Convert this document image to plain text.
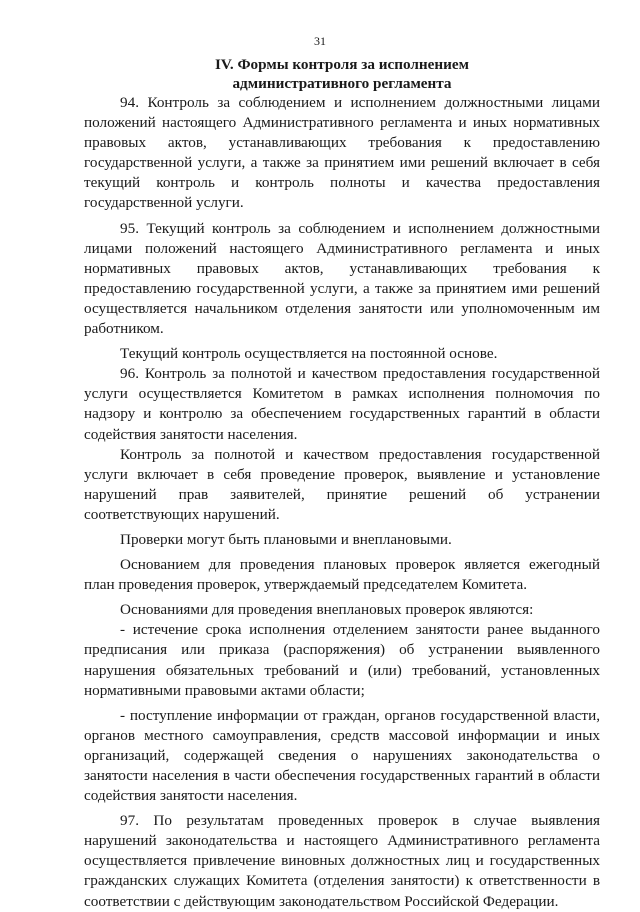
31
IV. Формы контроля за исполнением
административного регламента

94. Контроль за соблюдением и исполнением должностными лицами положений настоящего Административного регламента и иных нормативных правовых актов, устанавливающих требования к предоставлению государственной услуги, а также за принятием ими решений включает в себя текущий контроль и контроль полноты и качества предоставления государственной услуги.

95. Текущий контроль за соблюдением и исполнением должностными лицами положений настоящего Административного регламента и иных нормативных правовых актов, устанавливающих требования к предоставлению государственной услуги, а также за принятием ими решений осуществляется начальником отделения занятости или уполномоченным им работником.

Текущий контроль осуществляется на постоянной основе.

96. Контроль за полнотой и качеством предоставления государственной услуги осуществляется Комитетом в рамках исполнения полномочия по надзору и контролю за обеспечением государственных гарантий в области содействия занятости населения.

Контроль за полнотой и качеством предоставления государственной услуги включает в себя проведение проверок, выявление и установление нарушений прав заявителей, принятие решений об устранении соответствующих нарушений.

Проверки могут быть плановыми и внеплановыми.

Основанием для проведения плановых проверок является ежегодный план проведения проверок, утверждаемый председателем Комитета.

Основаниями для проведения внеплановых проверок являются:

- истечение срока исполнения отделением занятости ранее выданного предписания или приказа (распоряжения) об устранении выявленного нарушения обязательных требований и (или) требований, установленных нормативными правовыми актами области;

- поступление информации от граждан, органов государственной власти, органов местного самоуправления, средств массовой информации и иных организаций, содержащей сведения о нарушениях законодательства о занятости населения в части обеспечения государственных гарантий в области содействия занятости населения.

97. По результатам проведенных проверок в случае выявления нарушений законодательства и настоящего Административного регламента осуществляется привлечение виновных должностных лиц и государственных гражданских служащих Комитета (отделения занятости) к ответственности в соответствии с действующим законодательством Российской Федерации.
